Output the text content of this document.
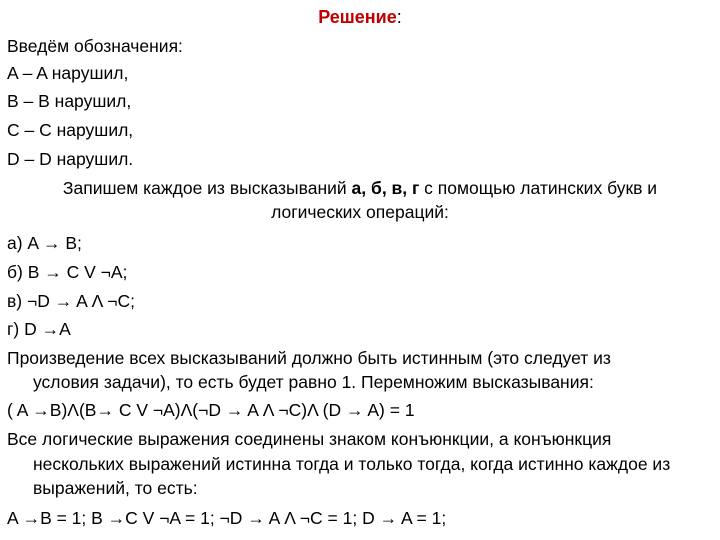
Решение:
Введём обозначения:
A – A нарушил,
B – B нарушил,
C – C нарушил,
D – D нарушил.
Запишем каждое из высказываний а, б, в, г с помощью латинских букв и
логических операций:
а) A → B;
б) B → C V ¬A;
в) ¬D → A Λ ¬C;
г) D →A
Произведение всех высказываний должно быть истинным (это следует из
условия задачи), то есть будет равно 1. Перемножим высказывания:
( A →B)Λ(B→ C V ¬A)Λ(¬D → A Λ ¬C)Λ (D → A) = 1
Все логические выражения соединены знаком конъюнкции, а конъюнкция
нескольких выражений истинна тогда и только тогда, когда истинно каждое из
выражений, то есть:
A →B = 1; B →C V ¬A = 1; ¬D → A Λ ¬C = 1; D → A = 1;
